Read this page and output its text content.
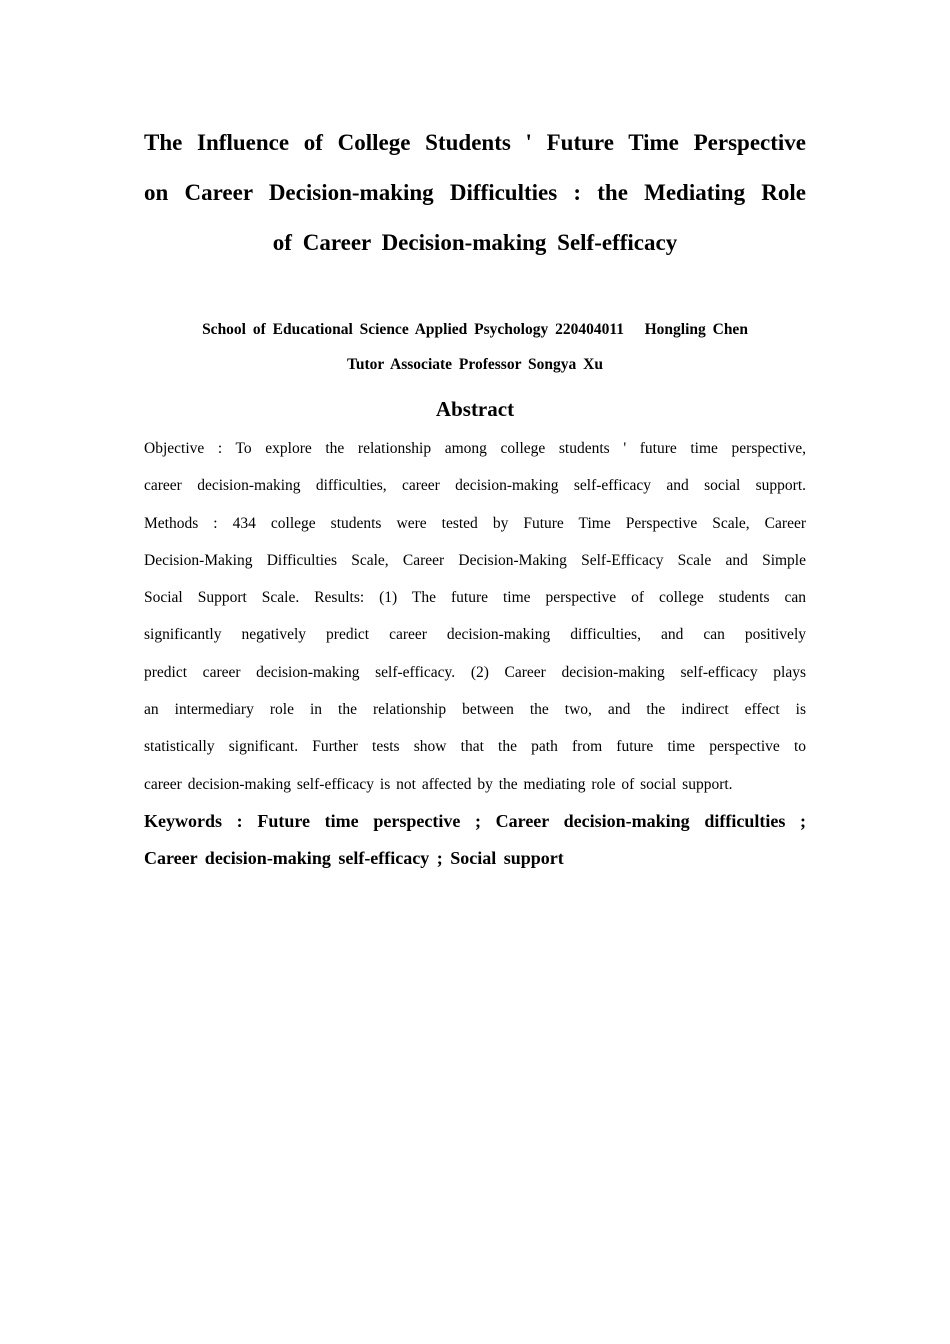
The Influence of College Students ' Future Time Perspective
on Career Decision-making Difficulties : the Mediating Role
of Career Decision-making Self-efficacy
School of Educational Science Applied Psychology 220404011   Hongling Chen
Tutor Associate Professor Songya Xu
Abstract
Objective : To explore the relationship among college students ' future time perspective,
career decision-making difficulties, career decision-making self-efficacy and social support.
Methods : 434 college students were tested by Future Time Perspective Scale, Career
Decision-Making Difficulties Scale, Career Decision-Making Self-Efficacy Scale and Simple
Social Support Scale. Results: (1) The future time perspective of college students can
significantly negatively predict career decision-making difficulties, and can positively
predict career decision-making self-efficacy. (2) Career decision-making self-efficacy plays
an intermediary role in the relationship between the two, and the indirect effect is
statistically significant. Further tests show that the path from future time perspective to
career decision-making self-efficacy is not affected by the mediating role of social support.
Keywords : Future time perspective ; Career decision-making difficulties ;
Career decision-making self-efficacy ; Social support
